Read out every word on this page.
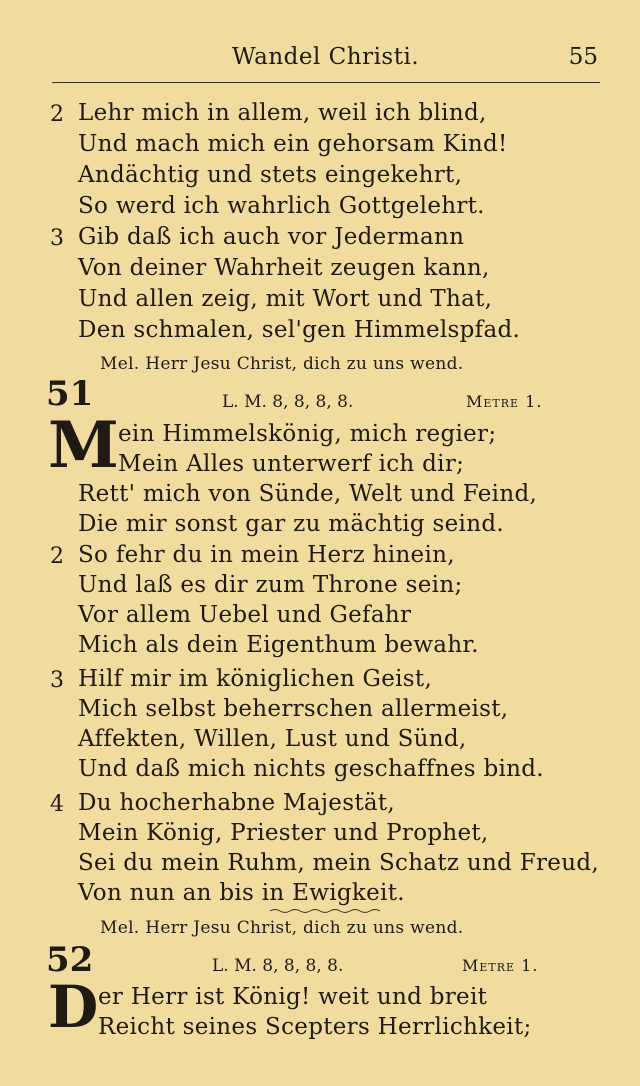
Wandel Christi.	55
2 Lehr mich in allem, weil ich blind,
Und mach mich ein gehorsam Kind!
Andächtig und stets eingekehrt,
So werd ich wahrlich Gottgelehrt.
3 Gib daß ich auch vor Jedermann
Von deiner Wahrheit zeugen kann,
Und allen zeig, mit Wort und That,
Den schmalen, sel'gen Himmelspfad.
Mel. Herr Jesu Christ, dich zu uns wend.
51	L. M. 8, 8, 8, 8.	Metre 1.
M ein Himmelskönig, mich regier;
Mein Alles unterwerf ich dir;
Rett' mich von Sünde, Welt und Feind,
Die mir sonst gar zu mächtig seind.
2 So fehr du in mein Herz hinein,
Und laß es dir zum Throne sein;
Vor allem Uebel und Gefahr
Mich als dein Eigenthum bewahr.
3 Hilf mir im königlichen Geist,
Mich selbst beherrschen allermeist,
Affekten, Willen, Lust und Sünd,
Und daß mich nichts geschaffnes bind.
4 Du hocherhabne Majestät,
Mein König, Priester und Prophet,
Sei du mein Ruhm, mein Schatz und Freud,
Von nun an bis in Ewigkeit.
Mel. Herr Jesu Christ, dich zu uns wend.
52	L. M. 8, 8, 8, 8.	Metre 1.
D er Herr ist König! weit und breit
Reicht seines Scepters Herrlichkeit;
